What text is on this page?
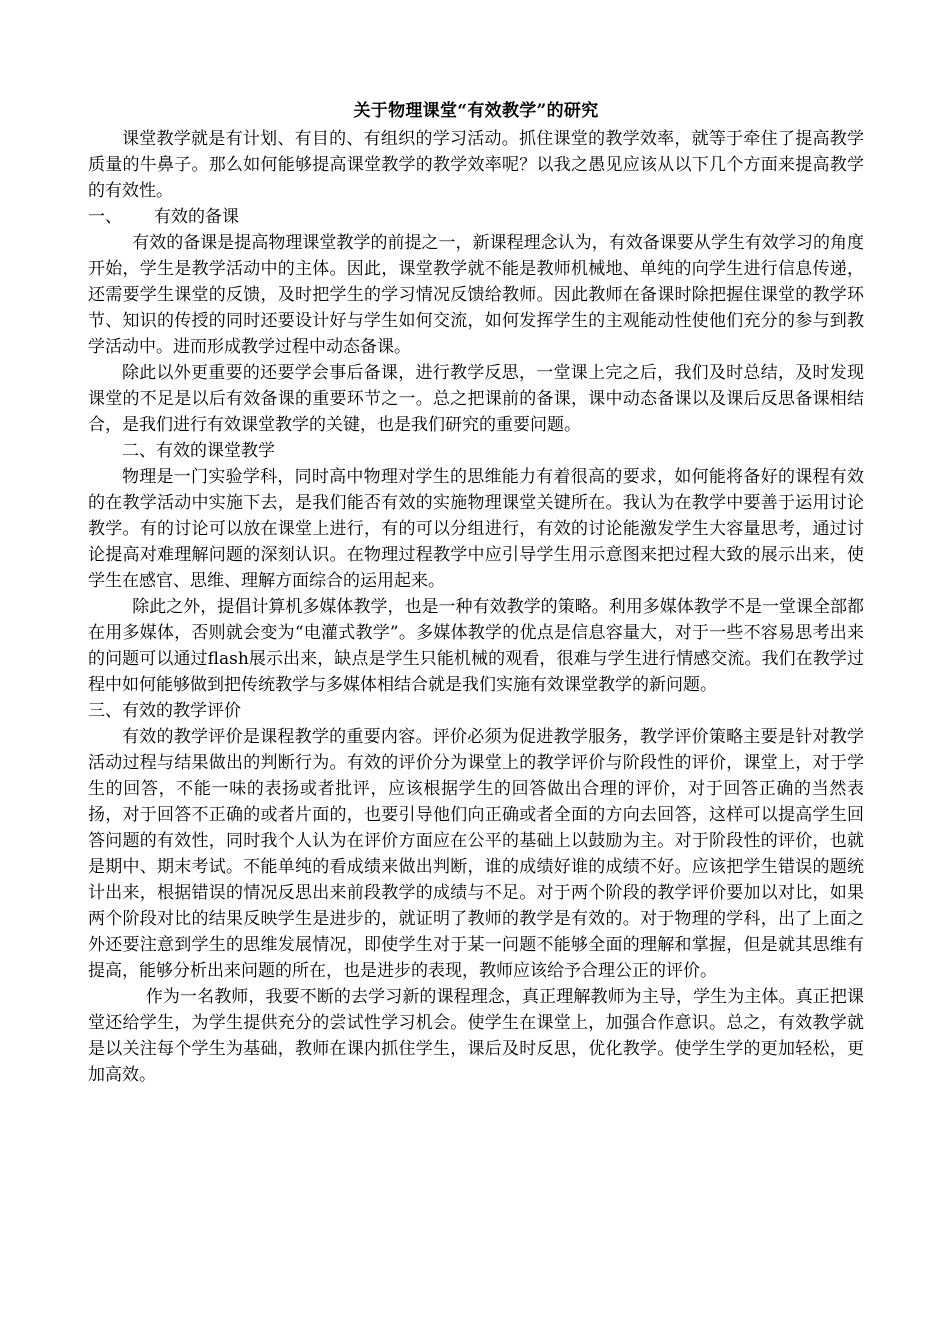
关于物理课堂“有效教学”的研究

课堂教学就是有计划、有目的、有组织的学习活动。抓住课堂的教学效率，就等于牵住了提高教学质量的牛鼻子。那么如何能够提高课堂教学的教学效率呢？以我之愚见应该从以下几个方面来提高教学的有效性。

一、 有效的备课

有效的备课是提高物理课堂教学的前提之一，新课程理念认为，有效备课要从学生有效学习的角度开始，学生是教学活动中的主体。因此，课堂教学就不能是教师机械地、单纯的向学生进行信息传递，还需要学生课堂的反馈，及时把学生的学习情况反馈给教师。因此教师在备课时除把握住课堂的教学环节、知识的传授的同时还要设计好与学生如何交流，如何发挥学生的主观能动性使他们充分的参与到教学活动中。进而形成教学过程中动态备课。

除此以外更重要的还要学会事后备课，进行教学反思，一堂课上完之后，我们及时总结，及时发现课堂的不足是以后有效备课的重要环节之一。总之把课前的备课，课中动态备课以及课后反思备课相结合，是我们进行有效课堂教学的关键，也是我们研究的重要问题。

二、有效的课堂教学

物理是一门实验学科，同时高中物理对学生的思维能力有着很高的要求，如何能将备好的课程有效的在教学活动中实施下去，是我们能否有效的实施物理课堂关键所在。我认为在教学中要善于运用讨论教学。有的讨论可以放在课堂上进行，有的可以分组进行，有效的讨论能激发学生大容量思考，通过讨论提高对难理解问题的深刻认识。在物理过程教学中应引导学生用示意图来把过程大致的展示出来，使学生在感官、思维、理解方面综合的运用起来。

除此之外，提倡计算机多媒体教学，也是一种有效教学的策略。利用多媒体教学不是一堂课全部都在用多媒体，否则就会变为“电灌式教学”。多媒体教学的优点是信息容量大，对于一些不容易思考出来的问题可以通过flash展示出来，缺点是学生只能机械的观看，很难与学生进行情感交流。我们在教学过程中如何能够做到把传统教学与多媒体相结合就是我们实施有效课堂教学的新问题。

三、有效的教学评价

有效的教学评价是课程教学的重要内容。评价必须为促进教学服务，教学评价策略主要是针对教学活动过程与结果做出的判断行为。有效的评价分为课堂上的教学评价与阶段性的评价，课堂上，对于学生的回答，不能一味的表扬或者批评，应该根据学生的回答做出合理的评价，对于回答正确的当然表扬，对于回答不正确的或者片面的，也要引导他们向正确或者全面的方向去回答，这样可以提高学生回答问题的有效性，同时我个人认为在评价方面应在公平的基础上以鼓励为主。对于阶段性的评价，也就是期中、期末考试。不能单纯的看成绩来做出判断，谁的成绩好谁的成绩不好。应该把学生错误的题统计出来，根据错误的情况反思出来前段教学的成绩与不足。对于两个阶段的教学评价要加以对比，如果两个阶段对比的结果反映学生是进步的，就证明了教师的教学是有效的。对于物理的学科，出了上面之外还要注意到学生的思维发展情况，即使学生对于某一问题不能够全面的理解和掌握，但是就其思维有提高，能够分析出来问题的所在，也是进步的表现，教师应该给予合理公正的评价。

作为一名教师，我要不断的去学习新的课程理念，真正理解教师为主导，学生为主体。真正把课堂还给学生，为学生提供充分的尝试性学习机会。使学生在课堂上，加强合作意识。总之，有效教学就是以关注每个学生为基础，教师在课内抓住学生，课后及时反思，优化教学。使学生学的更加轻松，更加高效。
